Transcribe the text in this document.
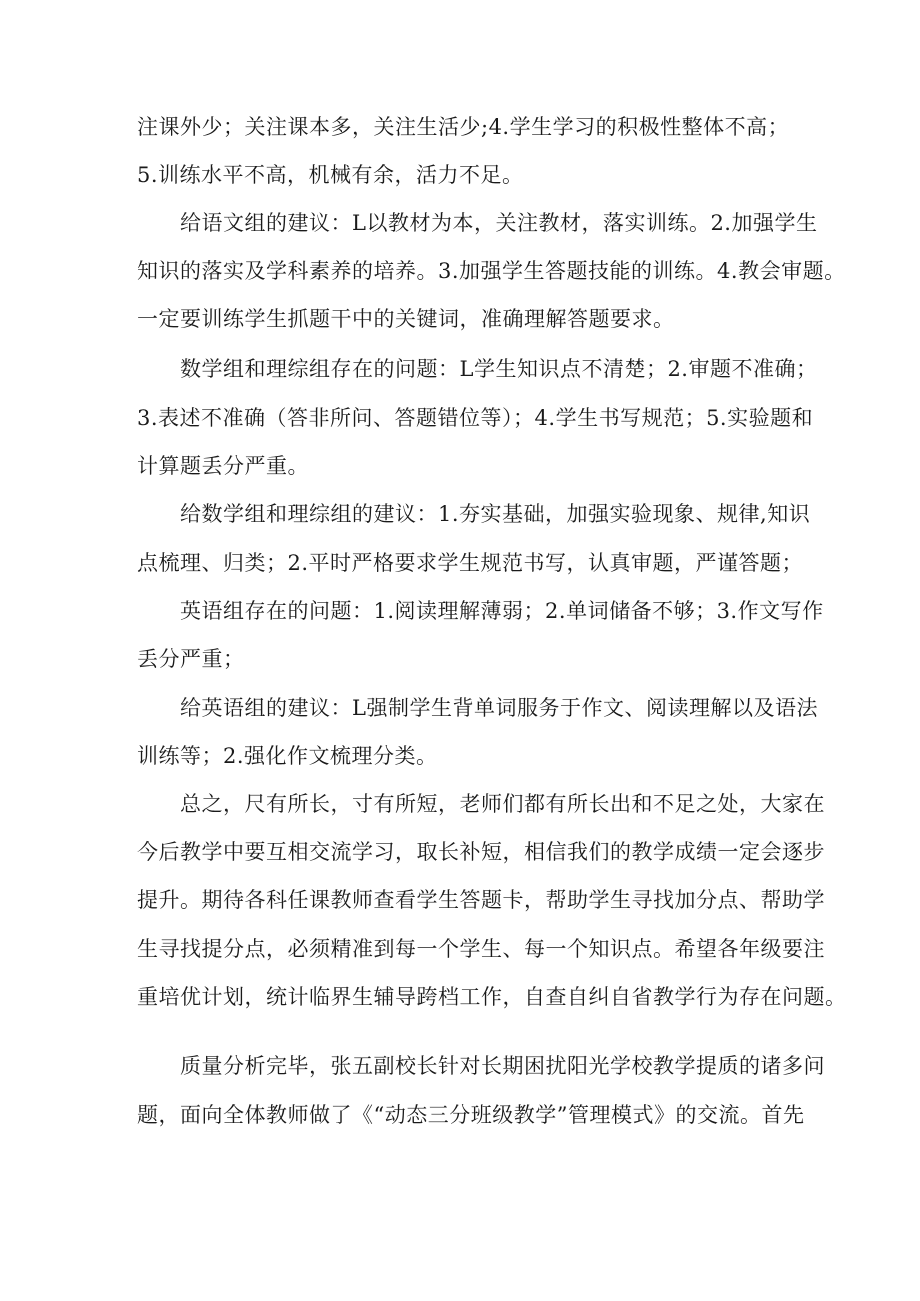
注课外少；关注课本多，关注生活少;4.学生学习的积极性整体不高；
5.训练水平不高，机械有余，活力不足。
给语文组的建议：L以教材为本，关注教材，落实训练。2.加强学生
知识的落实及学科素养的培养。3.加强学生答题技能的训练。4.教会审题。
一定要训练学生抓题干中的关键词，准确理解答题要求。
数学组和理综组存在的问题：L学生知识点不清楚；2.审题不准确；
3.表述不准确（答非所问、答题错位等）；4.学生书写规范；5.实验题和
计算题丢分严重。
给数学组和理综组的建议：1.夯实基础，加强实验现象、规律,知识
点梳理、归类；2.平时严格要求学生规范书写，认真审题，严谨答题；
英语组存在的问题：1.阅读理解薄弱；2.单词储备不够；3.作文写作
丢分严重；
给英语组的建议：L强制学生背单词服务于作文、阅读理解以及语法
训练等；2.强化作文梳理分类。
总之，尺有所长，寸有所短，老师们都有所长出和不足之处，大家在
今后教学中要互相交流学习，取长补短，相信我们的教学成绩一定会逐步
提升。期待各科任课教师查看学生答题卡，帮助学生寻找加分点、帮助学
生寻找提分点，必须精准到每一个学生、每一个知识点。希望各年级要注
重培优计划，统计临界生辅导跨档工作，自查自纠自省教学行为存在问题。
质量分析完毕，张五副校长针对长期困扰阳光学校教学提质的诸多问
题，面向全体教师做了《“动态三分班级教学”管理模式》的交流。首先
